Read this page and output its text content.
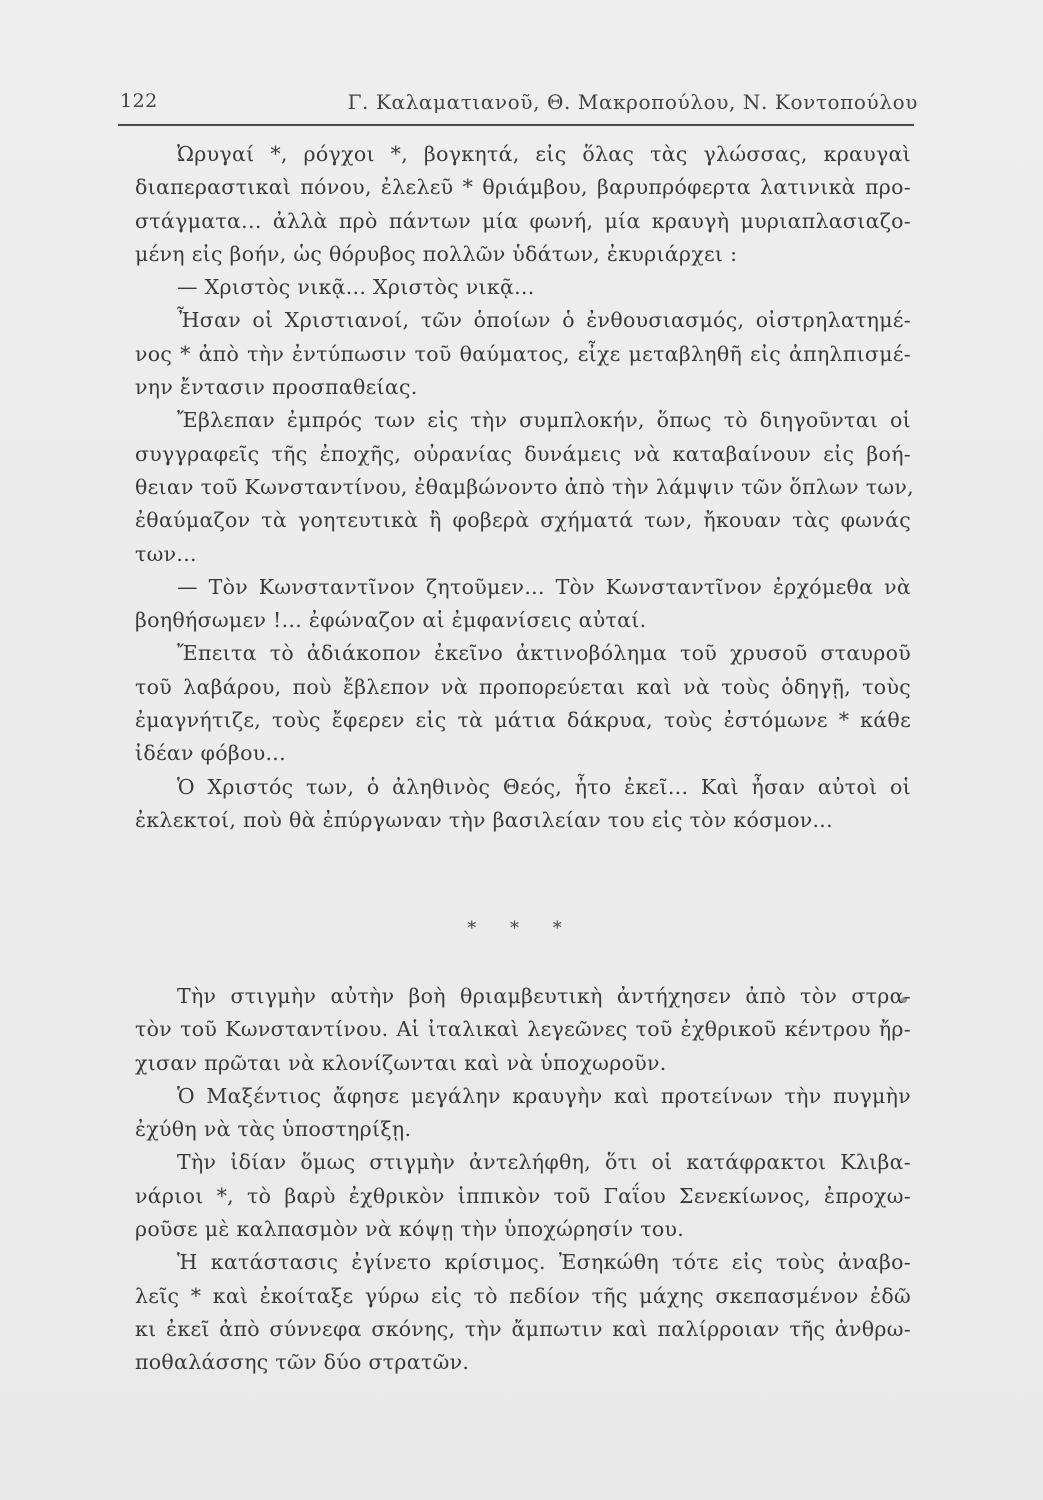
122	Γ. Καλαματιανοῦ, Θ. Μακροπούλου, Ν. Κοντοπούλου
Ὠρυγαί *, ρόγχοι *, βογκητά, εἰς ὅλας τὰς γλώσσας, κραυγαὶ
διαπεραστικαὶ πόνου, ἐλελεῦ * θριάμβου, βαρυπρόφερτα λατινικὰ προ-
στάγματα... ἀλλὰ πρὸ πάντων μία φωνή, μία κραυγὴ μυριαπλασιαζο-
μένη εἰς βοήν, ὡς θόρυβος πολλῶν ὑδάτων, ἐκυριάρχει :
— Χριστὸς νικᾷ... Χριστὸς νικᾷ...
Ἦσαν οἱ Χριστιανοί, τῶν ὁποίων ὁ ἐνθουσιασμός, οἰστρηλατημέ-
νος * ἀπὸ τὴν ἐντύπωσιν τοῦ θαύματος, εἶχε μεταβληθῆ εἰς ἀπηλπισμέ-
νην ἔντασιν προσπαθείας.
Ἔβλεπαν ἐμπρός των εἰς τὴν συμπλοκήν, ὅπως τὸ διηγοῦνται οἱ
συγγραφεῖς τῆς ἐποχῆς, οὐρανίας δυνάμεις νὰ καταβαίνουν εἰς βοή-
θειαν τοῦ Κωνσταντίνου, ἐθαμβώνοντο ἀπὸ τὴν λάμψιν τῶν ὅπλων των,
ἐθαύμαζον τὰ γοητευτικὰ ἢ φοβερὰ σχήματά των, ἤκουαν τὰς φωνάς
των...
— Τὸν Κωνσταντῖνον ζητοῦμεν... Τὸν Κωνσταντῖνον ἐρχόμεθα νὰ
βοηθήσωμεν !... ἐφώναζον αἱ ἐμφανίσεις αὐταί.
Ἔπειτα τὸ ἀδιάκοπον ἐκεῖνο ἀκτινοβόλημα τοῦ χρυσοῦ σταυροῦ
τοῦ λαβάρου, ποὺ ἔβλεπον νὰ προπορεύεται καὶ νὰ τοὺς ὁδηγῇ, τοὺς
ἐμαγνήτιζε, τοὺς ἔφερεν εἰς τὰ μάτια δάκρυα, τοὺς ἐστόμωνε * κάθε
ἰδέαν φόβου...
Ὁ Χριστός των, ὁ ἀληθινὸς Θεός, ἦτο ἐκεῖ... Καὶ ἦσαν αὐτοὶ οἱ
ἐκλεκτοί, ποὺ θὰ ἐπύργωναν τὴν βασιλείαν του εἰς τὸν κόσμον...
* * *
Τὴν στιγμὴν αὐτὴν βοὴ θριαμβευτικὴ ἀντήχησεν ἀπὸ τὸν στρα-
τὸν τοῦ Κωνσταντίνου. Αἱ ἰταλικαὶ λεγεῶνες τοῦ ἐχθρικοῦ κέντρου ἤρ-
χισαν πρῶται νὰ κλονίζωνται καὶ νὰ ὑποχωροῦν.
Ὁ Μαξέντιος ἄφησε μεγάλην κραυγὴν καὶ προτείνων τὴν πυγμὴν
ἐχύθη νὰ τὰς ὑποστηρίξῃ.
Τὴν ἰδίαν ὅμως στιγμὴν ἀντελήφθη, ὅτι οἱ κατάφρακτοι Κλιβα-
νάριοι *, τὸ βαρὺ ἐχθρικὸν ἱππικὸν τοῦ Γαΐου Σενεκίωνος, ἐπροχω-
ροῦσε μὲ καλπασμὸν νὰ κόψῃ τὴν ὑποχώρησίν του.
Ἡ κατάστασις ἐγίνετο κρίσιμος. Ἐσηκώθη τότε εἰς τοὺς ἀναβο-
λεῖς * καὶ ἐκοίταξε γύρω εἰς τὸ πεδίον τῆς μάχης σκεπασμένον ἐδῶ
κι ἐκεῖ ἀπὸ σύννεφα σκόνης, τὴν ἄμπωτιν καὶ παλίρροιαν τῆς ἀνθρω-
ποθαλάσσης τῶν δύο στρατῶν.
